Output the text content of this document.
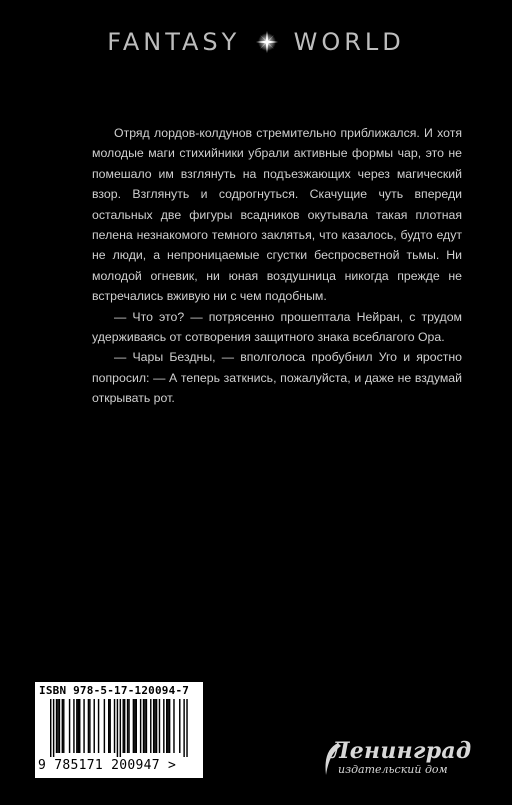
FANTASY WORLD

Отряд лордов-колдунов стремительно приближался. И хотя молодые маги стихийники убрали активные формы чар, это не помешало им взглянуть на подъезжающих через магический взор. Взглянуть и содрогнуться. Скачущие чуть впереди остальных две фигуры всадников окутывала такая плотная пелена незнакомого темного заклятья, что казалось, будто едут не люди, а непроницаемые сгустки беспросветной тьмы. Ни молодой огневик, ни юная воздушница никогда прежде не встречались вживую ни с чем подобным.

— Что это? — потрясенно прошептала Нейран, с трудом удерживаясь от сотворения защитного знака всеблагого Ора.

— Чары Бездны, — вполголоса пробубнил Уго и яростно попросил: — А теперь заткнись, пожалуйста, и даже не вздумай открывать рот.

ISBN 978-5-17-120094-7
9 785171 200947 >
Ленинград
издательский дом
